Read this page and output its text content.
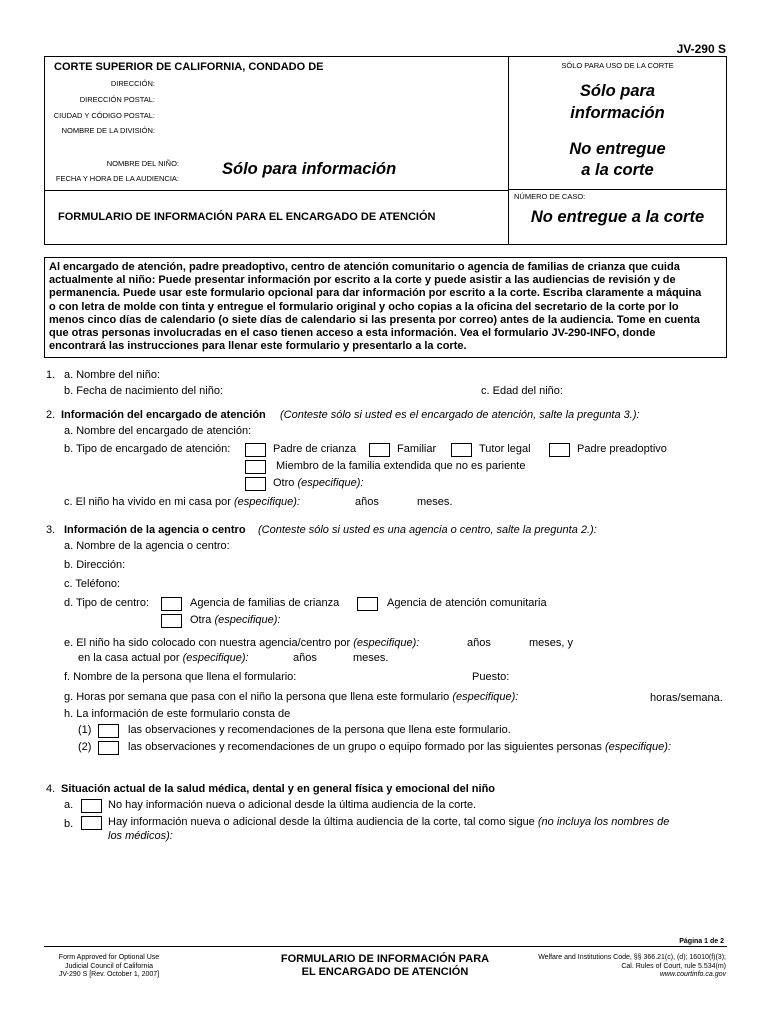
JV-290 S
CORTE SUPERIOR DE CALIFORNIA, CONDADO DE
DIRECCIÓN:
DIRECCIÓN POSTAL:
CIUDAD Y CÓDIGO POSTAL:
NOMBRE DE LA DIVISIÓN:
NOMBRE DEL NIÑO:
FECHA Y HORA DE LA AUDIENCIA:
Sólo para información
SÓLO PARA USO DE LA CORTE
Sólo para
información
No entregue
a la corte
NÚMERO DE CASO:
FORMULARIO DE INFORMACIÓN PARA EL ENCARGADO DE ATENCIÓN	No entregue a la corte
Al encargado de atención, padre preadoptivo, centro de atención comunitario o agencia de familias de crianza que cuida
actualmente al niño: Puede presentar información por escrito a la corte y puede asistir a las audiencias de revisión y de
permanencia. Puede usar este formulario opcional para dar información por escrito a la corte. Escriba claramente a máquina
o con letra de molde con tinta y entregue el formulario original y ocho copias a la oficina del secretario de la corte por lo
menos cinco días de calendario (o siete días de calendario si las presenta por correo) antes de la audiencia. Tome en cuenta
que otras personas involucradas en el caso tienen acceso a esta información. Vea el formulario JV-290-INFO, donde
encontrará las instrucciones para llenar este formulario y presentarlo a la corte.
1. a. Nombre del niño:
b. Fecha de nacimiento del niño:	c. Edad del niño:
2. Información del encargado de atención (Conteste sólo si usted es el encargado de atención, salte la pregunta 3.):
a. Nombre del encargado de atención:
b. Tipo de encargado de atención:	Padre de crianza	Familiar	Tutor legal	Padre preadoptivo
Miembro de la familia extendida que no es pariente
Otro (especifique):
c. El niño ha vivido en mi casa por (especifique):	años	meses.
3. Información de la agencia o centro (Conteste sólo si usted es una agencia o centro, salte la pregunta 2.):
a. Nombre de la agencia o centro:
b. Dirección:
c. Teléfono:
d. Tipo de centro:	Agencia de familias de crianza	Agencia de atención comunitaria
Otra (especifique):
e. El niño ha sido colocado con nuestra agencia/centro por (especifique):	años	meses, y
en la casa actual por (especifique):	años	meses.
f. Nombre de la persona que llena el formulario:	Puesto:
g. Horas por semana que pasa con el niño la persona que llena este formulario (especifique):	horas/semana.
h. La información de este formulario consta de
(1)	las observaciones y recomendaciones de la persona que llena este formulario.
(2)	las observaciones y recomendaciones de un grupo o equipo formado por las siguientes personas (especifique):
4. Situación actual de la salud médica, dental y en general física y emocional del niño
a.	No hay información nueva o adicional desde la última audiencia de la corte.
b.	Hay información nueva o adicional desde la última audiencia de la corte, tal como sigue (no incluya los nombres de
los médicos):
Página 1 de 2
Form Approved for Optional Use
Judicial Council of California
JV-290 S [Rev. October 1, 2007]
FORMULARIO DE INFORMACIÓN PARA
EL ENCARGADO DE ATENCIÓN
Welfare and Institutions Code, §§ 366.21(c), (d); 16010(f)(3);
Cal. Rules of Court, rule 5.534(m)
www.courtinfo.ca.gov
